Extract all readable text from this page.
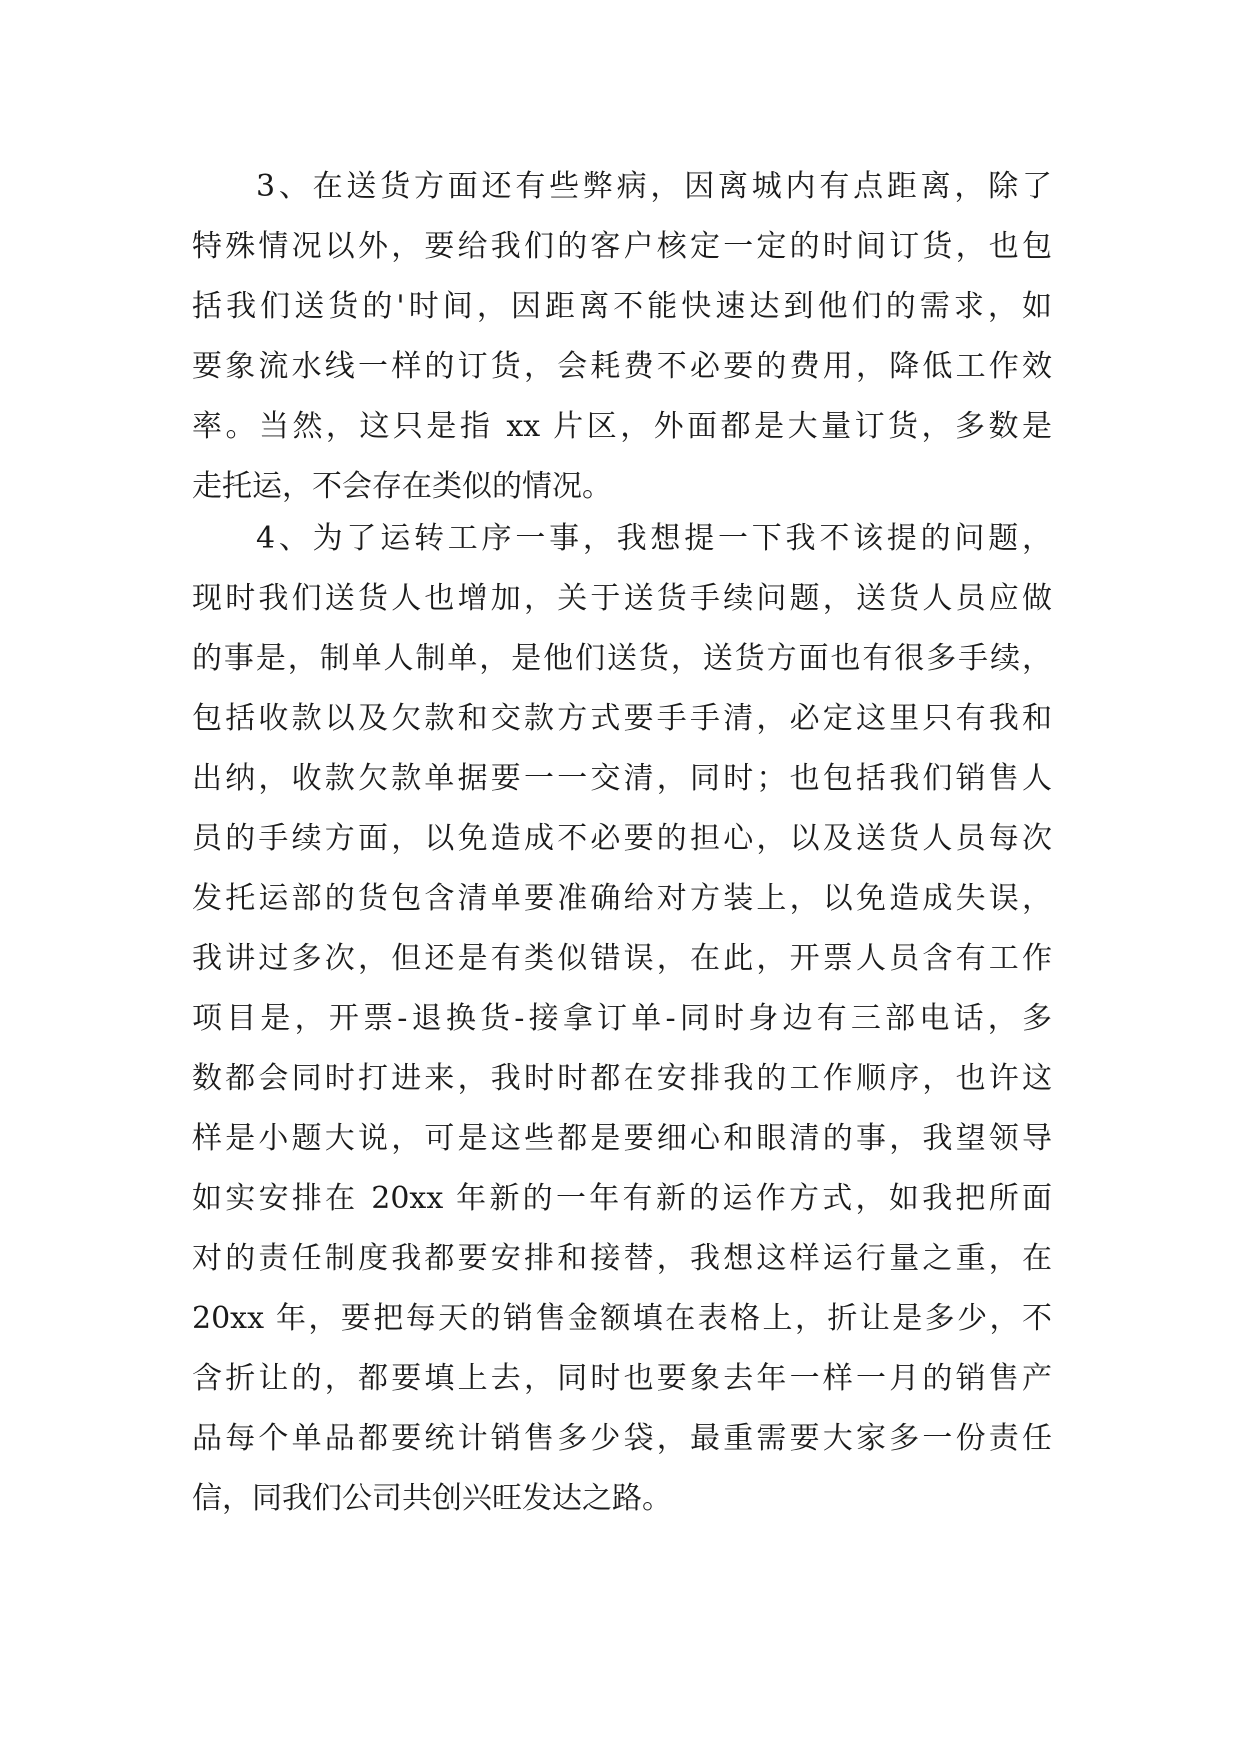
3、在送货方面还有些弊病，因离城内有点距离，除了
特殊情况以外，要给我们的客户核定一定的时间订货，也包
括我们送货的'时间，因距离不能快速达到他们的需求，如
要象流水线一样的订货，会耗费不必要的费用，降低工作效
率。当然，这只是指 xx 片区，外面都是大量订货，多数是
走托运，不会存在类似的情况。
4、为了运转工序一事，我想提一下我不该提的问题，
现时我们送货人也增加，关于送货手续问题，送货人员应做
的事是，制单人制单，是他们送货，送货方面也有很多手续，
包括收款以及欠款和交款方式要手手清，必定这里只有我和
出纳，收款欠款单据要一一交清，同时；也包括我们销售人
员的手续方面，以免造成不必要的担心，以及送货人员每次
发托运部的货包含清单要准确给对方装上，以免造成失误，
我讲过多次，但还是有类似错误，在此，开票人员含有工作
项目是，开票-退换货-接拿订单-同时身边有三部电话，多
数都会同时打进来，我时时都在安排我的工作顺序，也许这
样是小题大说，可是这些都是要细心和眼清的事，我望领导
如实安排在 20xx 年新的一年有新的运作方式，如我把所面
对的责任制度我都要安排和接替，我想这样运行量之重，在
20xx 年，要把每天的销售金额填在表格上，折让是多少，不
含折让的，都要填上去，同时也要象去年一样一月的销售产
品每个单品都要统计销售多少袋，最重需要大家多一份责任
信，同我们公司共创兴旺发达之路。
